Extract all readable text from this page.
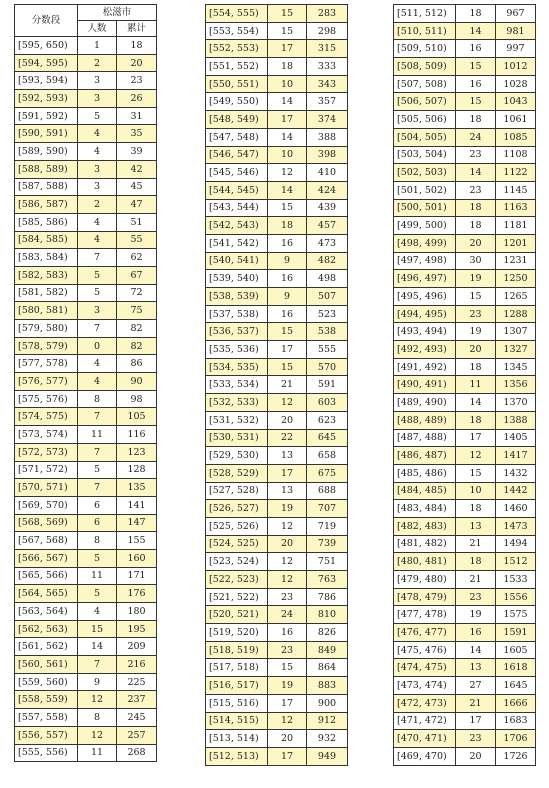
分数段	松滋市	
	人数	累计
[595, 650)	1	18
[594, 595)	2	20
[593, 594)	3	23
[592, 593)	3	26
[591, 592)	5	31
[590, 591)	4	35
[589, 590)	4	39
[588, 589)	3	42
[587, 588)	3	45
[586, 587)	2	47
[585, 586)	4	51
[584, 585)	4	55
[583, 584)	7	62
[582, 583)	5	67
[581, 582)	5	72
[580, 581)	3	75
[579, 580)	7	82
[578, 579)	0	82
[577, 578)	4	86
[576, 577)	4	90
[575, 576)	8	98
[574, 575)	7	105
[573, 574)	11	116
[572, 573)	7	123
[571, 572)	5	128
[570, 571)	7	135
[569, 570)	6	141
[568, 569)	6	147
[567, 568)	8	155
[566, 567)	5	160
[565, 566)	11	171
[564, 565)	5	176
[563, 564)	4	180
[562, 563)	15	195
[561, 562)	14	209
[560, 561)	7	216
[559, 560)	9	225
[558, 559)	12	237
[557, 558)	8	245
[556, 557)	12	257
[555, 556)	11	268
[554, 555)	15	283
[553, 554)	15	298
[552, 553)	17	315
[551, 552)	18	333
[550, 551)	10	343
[549, 550)	14	357
[548, 549)	17	374
[547, 548)	14	388
[546, 547)	10	398
[545, 546)	12	410
[544, 545)	14	424
[543, 544)	15	439
[542, 543)	18	457
[541, 542)	16	473
[540, 541)	9	482
[539, 540)	16	498
[538, 539)	9	507
[537, 538)	16	523
[536, 537)	15	538
[535, 536)	17	555
[534, 535)	15	570
[533, 534)	21	591
[532, 533)	12	603
[531, 532)	20	623
[530, 531)	22	645
[529, 530)	13	658
[528, 529)	17	675
[527, 528)	13	688
[526, 527)	19	707
[525, 526)	12	719
[524, 525)	20	739
[523, 524)	12	751
[522, 523)	12	763
[521, 522)	23	786
[520, 521)	24	810
[519, 520)	16	826
[518, 519)	23	849
[517, 518)	15	864
[516, 517)	19	883
[515, 516)	17	900
[514, 515)	12	912
[513, 514)	20	932
[512, 513)	17	949
[511, 512)	18	967
[510, 511)	14	981
[509, 510)	16	997
[508, 509)	15	1012
[507, 508)	16	1028
[506, 507)	15	1043
[505, 506)	18	1061
[504, 505)	24	1085
[503, 504)	23	1108
[502, 503)	14	1122
[501, 502)	23	1145
[500, 501)	18	1163
[499, 500)	18	1181
[498, 499)	20	1201
[497, 498)	30	1231
[496, 497)	19	1250
[495, 496)	15	1265
[494, 495)	23	1288
[493, 494)	19	1307
[492, 493)	20	1327
[491, 492)	18	1345
[490, 491)	11	1356
[489, 490)	14	1370
[488, 489)	18	1388
[487, 488)	17	1405
[486, 487)	12	1417
[485, 486)	15	1432
[484, 485)	10	1442
[483, 484)	18	1460
[482, 483)	13	1473
[481, 482)	21	1494
[480, 481)	18	1512
[479, 480)	21	1533
[478, 479)	23	1556
[477, 478)	19	1575
[476, 477)	16	1591
[475, 476)	14	1605
[474, 475)	13	1618
[473, 474)	27	1645
[472, 473)	21	1666
[471, 472)	17	1683
[470, 471)	23	1706
[469, 470)	20	1726
